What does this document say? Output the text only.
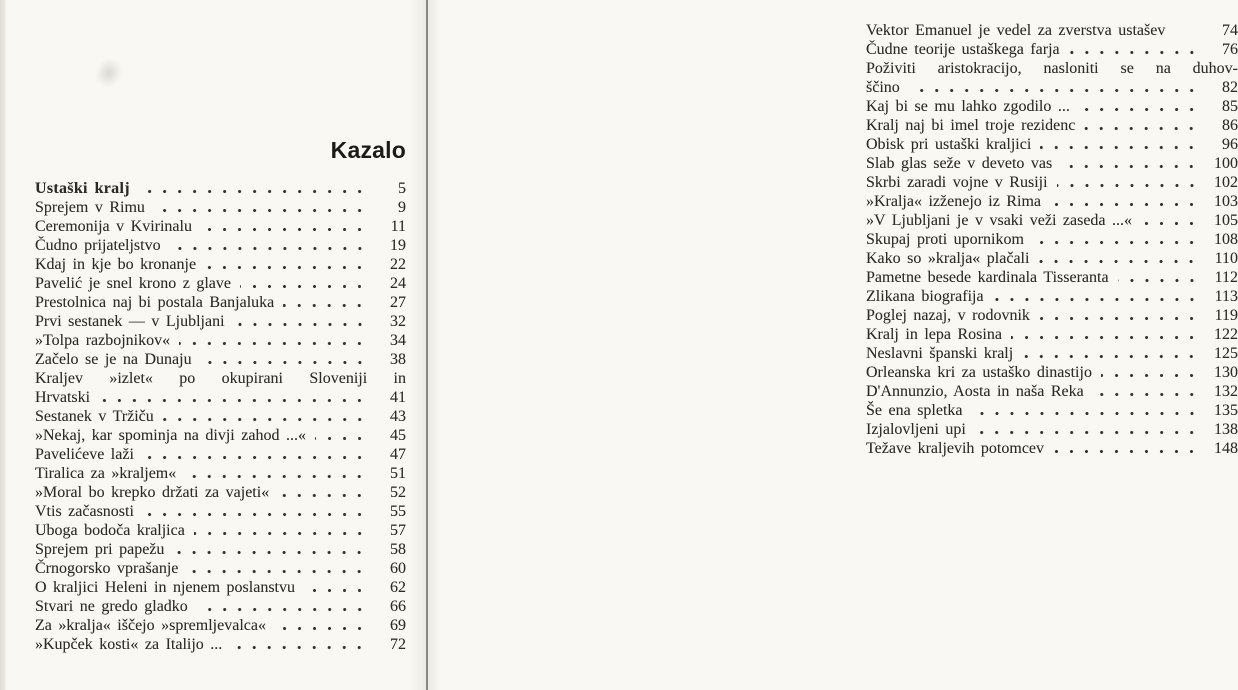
Kazalo
Ustaški kralj	5
Sprejem v Rimu	9
Ceremonija v Kvirinalu	11
Čudno prijateljstvo	19
Kdaj in kje bo kronanje	22
Pavelić je snel krono z glave	24
Prestolnica naj bi postala Banjaluka	27
Prvi sestanek — v Ljubljani	32
»Tolpa razbojnikov«	34
Začelo se je na Dunaju	38
Kraljev »izlet« po okupirani Sloveniji in
Hrvatski	41
Sestanek v Tržiču	43
»Nekaj, kar spominja na divji zahod ...«	45
Pavelićeve laži	47
Tiralica za »kraljem«	51
»Moral bo krepko držati za vajeti«	52
Vtis začasnosti	55
Uboga bodoča kraljica	57
Sprejem pri papežu	58
Črnogorsko vprašanje	60
O kraljici Heleni in njenem poslanstvu	62
Stvari ne gredo gladko	66
Za »kralja« iščejo »spremljevalca«	69
»Kupček kosti« za Italijo ...	72
Vektor Emanuel je vedel za zverstva ustašev	74
Čudne teorije ustaškega farja	76
Poživiti aristokracijo, nasloniti se na duhov-
ščino	82
Kaj bi se mu lahko zgodilo ...	85
Kralj naj bi imel troje rezidenc	86
Obisk pri ustaški kraljici	96
Slab glas seže v deveto vas	100
Skrbi zaradi vojne v Rusiji	102
»Kralja« izženejo iz Rima	103
»V Ljubljani je v vsaki veži zaseda ...«	105
Skupaj proti upornikom	108
Kako so »kralja« plačali	110
Pametne besede kardinala Tisseranta	112
Zlikana biografija	113
Poglej nazaj, v rodovnik	119
Kralj in lepa Rosina	122
Neslavni španski kralj	125
Orleanska kri za ustaško dinastijo	130
D'Annunzio, Aosta in naša Reka	132
Še ena spletka	135
Izjalovljeni upi	138
Težave kraljevih potomcev	148
